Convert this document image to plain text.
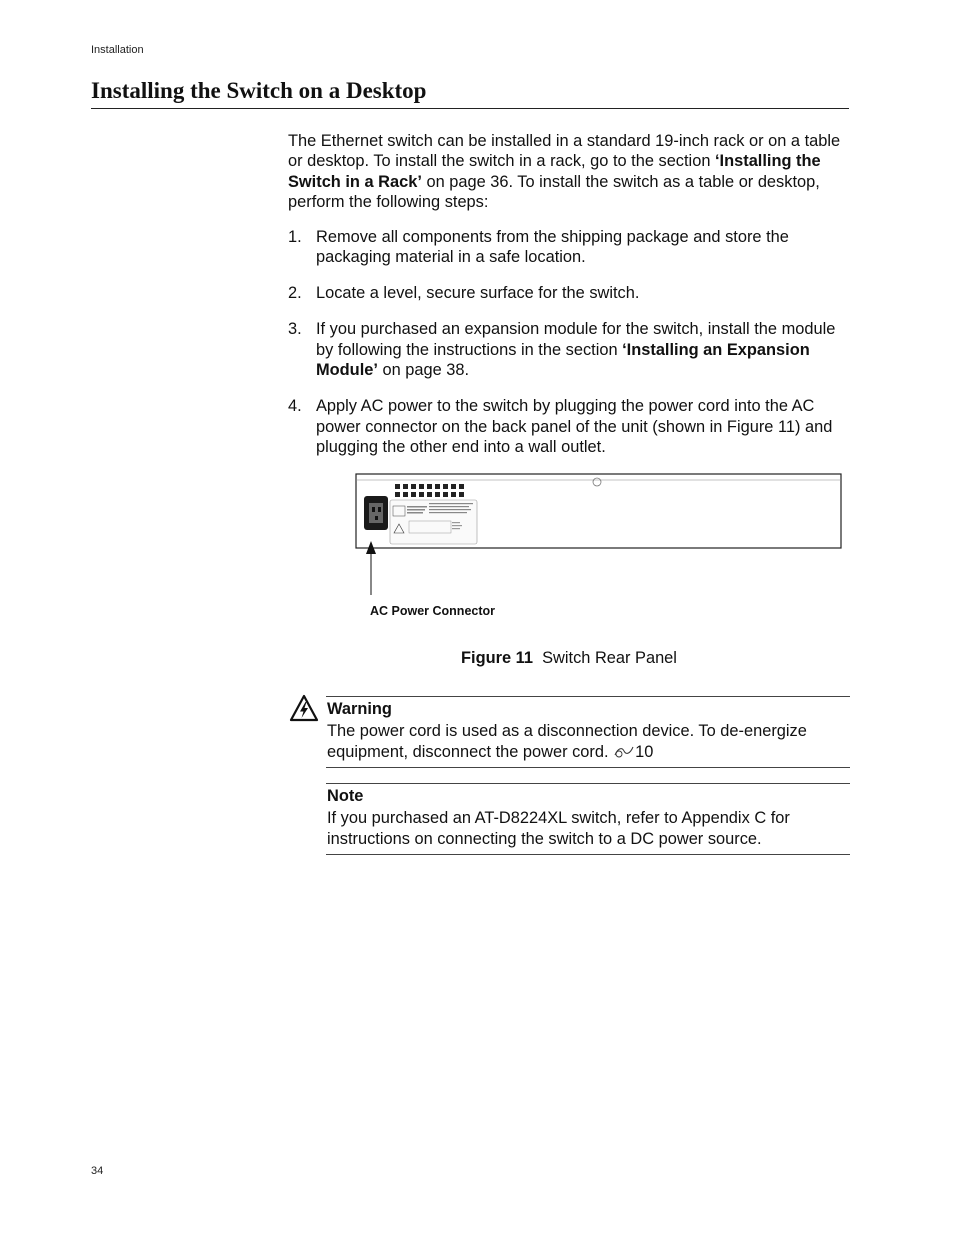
Installation
Installing the Switch on a Desktop

The Ethernet switch can be installed in a standard 19-inch rack or on a table or desktop. To install the switch in a rack, go to the section ‘Installing the Switch in a Rack’ on page 36. To install the switch as a table or desktop, perform the following steps:

1. Remove all components from the shipping package and store the packaging material in a safe location.
2. Locate a level, secure surface for the switch.
3. If you purchased an expansion module for the switch, install the module by following the instructions in the section ‘Installing an Expansion Module’ on page 38.
4. Apply AC power to the switch by plugging the power cord into the AC power connector on the back panel of the unit (shown in Figure 11) and plugging the other end into a wall outlet.
AC Power Connector
Figure 11 Switch Rear Panel
Warning
The power cord is used as a disconnection device. To de-energize equipment, disconnect the power cord. 10
Note
If you purchased an AT-D8224XL switch, refer to Appendix C for instructions on connecting the switch to a DC power source.
34
